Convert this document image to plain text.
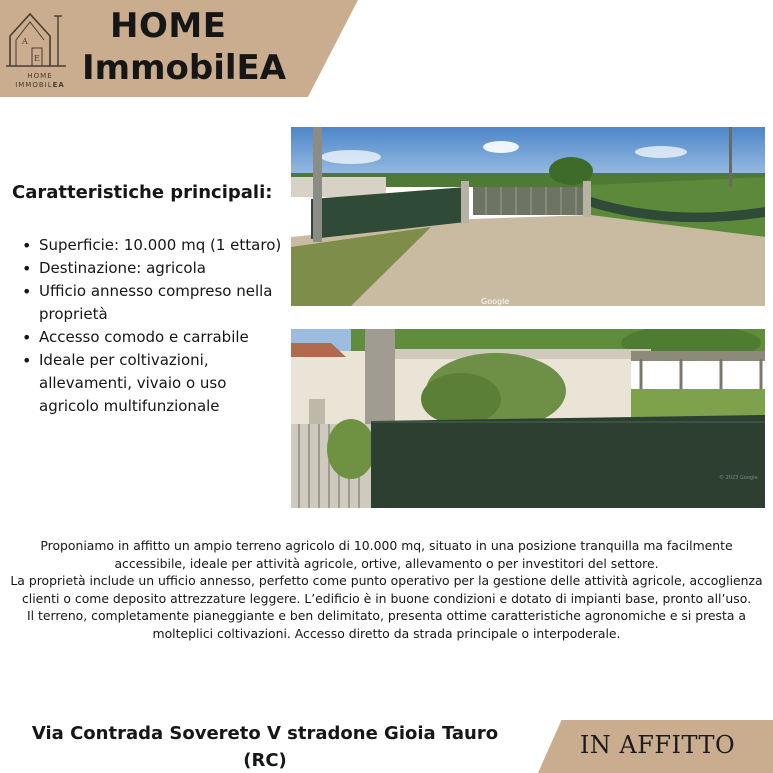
A
E
HOME
IMMOBILEA
HOME
ImmobilEA
Caratteristiche principali:
• Superficie: 10.000 mq (1 ettaro)
• Destinazione: agricola
• Ufficio annesso compreso nella proprietà
• Accesso comodo e carrabile
• Ideale per coltivazioni, allevamenti, vivaio o uso agricolo multifunzionale
Google
© 2023 Google

Proponiamo in affitto un ampio terreno agricolo di 10.000 mq, situato in una posizione tranquilla ma facilmente accessibile, ideale per attività agricole, ortive, allevamento o per investitori del settore.

La proprietà include un ufficio annesso, perfetto come punto operativo per la gestione delle attività agricole, accoglienza clienti o come deposito attrezzature leggere. L’edificio è in buone condizioni e dotato di impianti base, pronto all’uso.

Il terreno, completamente pianeggiante e ben delimitato, presenta ottime caratteristiche agronomiche e si presta a molteplici coltivazioni. Accesso diretto da strada principale o interpoderale.

Via Contrada Sovereto V stradone Gioia Tauro (RC)
IN AFFITTO
